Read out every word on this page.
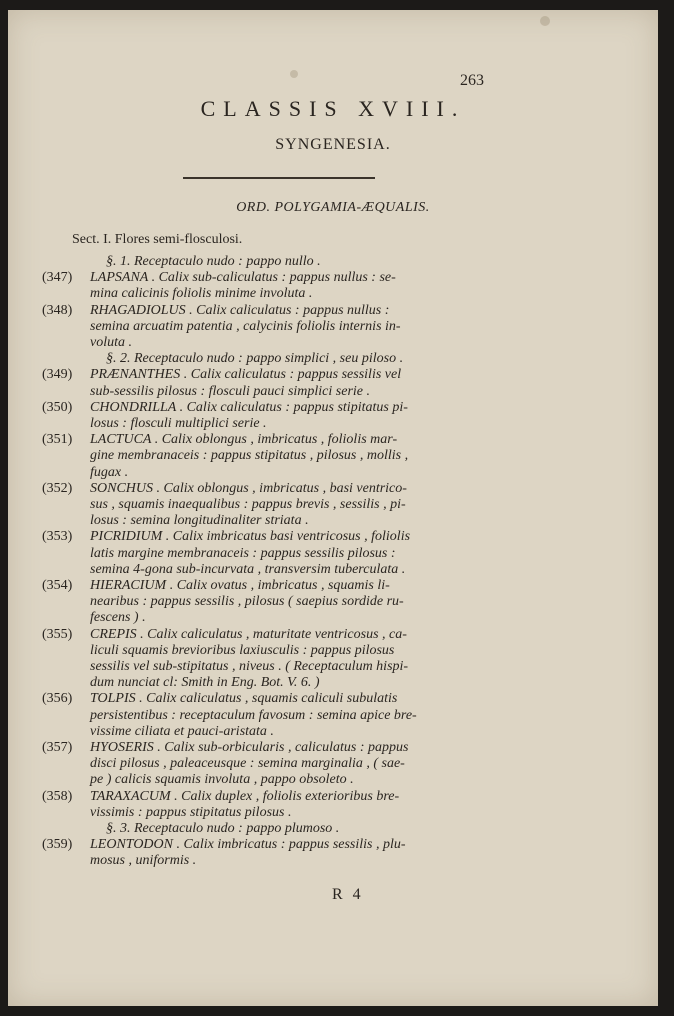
263
CLASSIS XVIII.
SYNGENESIA.
ORD. POLYGAMIA-ÆQUALIS.
Sect. I. Flores semi-flosculosi.
§. 1. Receptaculo nudo : pappo nullo .
(347) LAPSANA . Calix sub-caliculatus : pappus nullus : se-
mina calicinis foliolis minime involuta .
(348) RHAGADIOLUS . Calix caliculatus : pappus nullus :
semina arcuatim patentia , calycinis foliolis internis in-
voluta .
§. 2. Receptaculo nudo : pappo simplici , seu piloso .
(349) PRÆNANTHES . Calix caliculatus : pappus sessilis vel
sub-sessilis pilosus : flosculi pauci simplici serie .
(350) CHONDRILLA . Calix caliculatus : pappus stipitatus pi-
losus : flosculi multiplici serie .
(351) LACTUCA . Calix oblongus , imbricatus , foliolis mar-
gine membranaceis : pappus stipitatus , pilosus , mollis ,
fugax .
(352) SONCHUS . Calix oblongus , imbricatus , basi ventrico-
sus , squamis inaequalibus : pappus brevis , sessilis , pi-
losus : semina longitudinaliter striata .
(353) PICRIDIUM . Calix imbricatus basi ventricosus , foliolis
latis margine membranaceis : pappus sessilis pilosus :
semina 4-gona sub-incurvata , transversim tuberculata .
(354) HIERACIUM . Calix ovatus , imbricatus , squamis li-
nearibus : pappus sessilis , pilosus ( saepius sordide ru-
fescens ) .
(355) CREPIS . Calix caliculatus , maturitate ventricosus , ca-
liculi squamis brevioribus laxiusculis : pappus pilosus
sessilis vel sub-stipitatus , niveus . ( Receptaculum hispi-
dum nunciat cl: Smith in Eng. Bot. V. 6. )
(356) TOLPIS . Calix caliculatus , squamis caliculi subulatis
persistentibus : receptaculum favosum : semina apice bre-
vissime ciliata et pauci-aristata .
(357) HYOSERIS . Calix sub-orbicularis , caliculatus : pappus
disci pilosus , paleaceusque : semina marginalia , ( sae-
pe ) calicis squamis involuta , pappo obsoleto .
(358) TARAXACUM . Calix duplex , foliolis exterioribus bre-
vissimis : pappus stipitatus pilosus .
§. 3. Receptaculo nudo : pappo plumoso .
(359) LEONTODON . Calix imbricatus : pappus sessilis , plu-
mosus , uniformis .
R 4
